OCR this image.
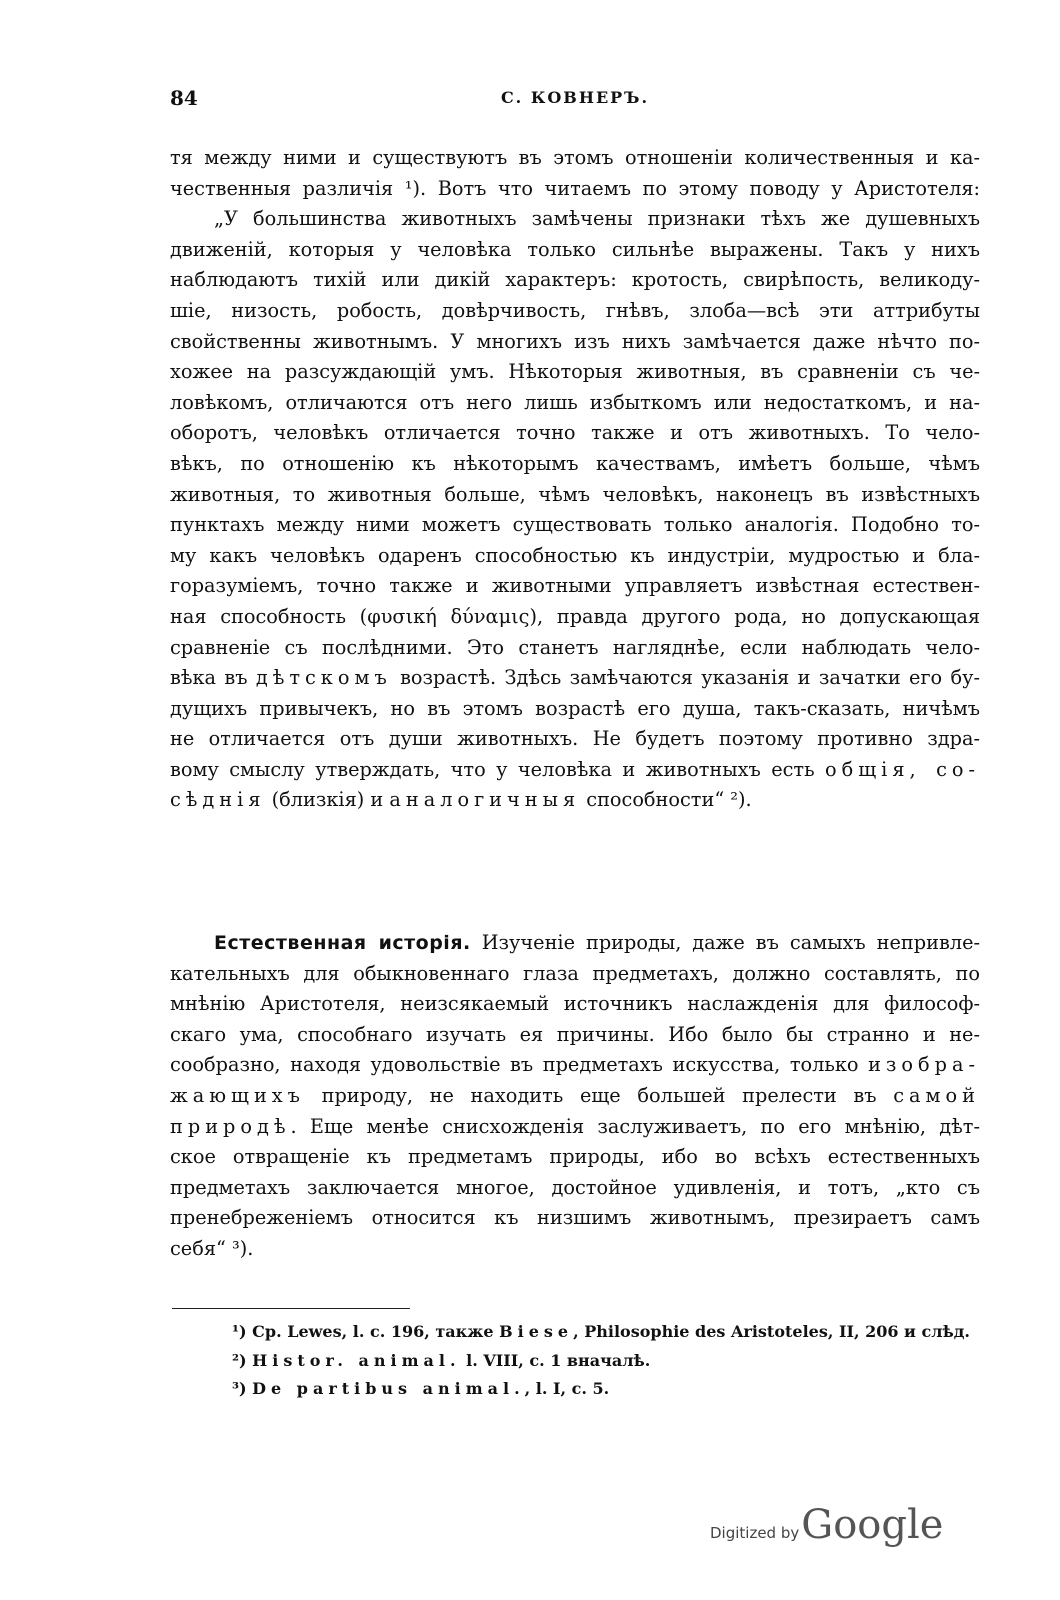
84	С. КОВНЕРЪ.
тя между ними и существуютъ въ этомъ отношеніи количественныя и ка-
чественныя различія ¹). Вотъ что читаемъ по этому поводу у Аристотеля:
„У большинства животныхъ замѣчены признаки тѣхъ же душевныхъ
движеній, которыя у человѣка только сильнѣе выражены. Такъ у нихъ
наблюдаютъ тихій или дикій характеръ: кротость, свирѣпость, великоду-
шіе, низость, робость, довѣрчивость, гнѣвъ, злоба—всѣ эти аттрибуты
свойственны животнымъ. У многихъ изъ нихъ замѣчается даже нѣчто по-
хожее на разсуждающій умъ. Нѣкоторыя животныя, въ сравненіи съ че-
ловѣкомъ, отличаются отъ него лишь избыткомъ или недостаткомъ, и на-
оборотъ, человѣкъ отличается точно также и отъ животныхъ. То чело-
вѣкъ, по отношенію къ нѣкоторымъ качествамъ, имѣетъ больше, чѣмъ
животныя, то животныя больше, чѣмъ человѣкъ, наконецъ въ извѣстныхъ
пунктахъ между ними можетъ существовать только аналогія. Подобно то-
му какъ человѣкъ одаренъ способностью къ индустріи, мудростью и бла-
горазуміемъ, точно также и животными управляетъ извѣстная естествен-
ная способность (φυσική δύναμις), правда другого рода, но допускающая
сравненіе съ послѣдними. Это станетъ нагляднѣе, если наблюдать чело-
вѣка въ дѣтскомъ возрастѣ. Здѣсь замѣчаются указанія и зачатки его бу-
дущихъ привычекъ, но въ этомъ возрастѣ его душа, такъ-сказать, ничѣмъ
не отличается отъ души животныхъ. Не будетъ поэтому противно здра-
вому смыслу утверждать, что у человѣка и животныхъ есть общія, со-
сѣднія (близкія) и аналогичныя способности“ ²).
Естественная исторія. Изученіе природы, даже въ самыхъ непривле-
кательныхъ для обыкновеннаго глаза предметахъ, должно составлять, по
мнѣнію Аристотеля, неизсякаемый источникъ наслажденія для философ-
скаго ума, способнаго изучать ея причины. Ибо было бы странно и не-
сообразно, находя удовольствіе въ предметахъ искусства, только изобра-
жающихъ природу, не находить еще большей прелести въ самой
природѣ. Еще менѣе снисхожденія заслуживаетъ, по его мнѣнію, дѣт-
ское отвращеніе къ предметамъ природы, ибо во всѣхъ естественныхъ
предметахъ заключается многое, достойное удивленія, и тотъ, „кто съ
пренебреженіемъ относится къ низшимъ животнымъ, презираетъ самъ
себя“ ³).
¹) Ср. Lewes, l. c. 196, также Biese, Philosophie des Aristoteles, II, 206 и слѣд.
²) Histor. animal. l. VIII, c. 1 вначалѣ.
³) De partibus animal., l. I, c. 5.
Digitized byGoogle
